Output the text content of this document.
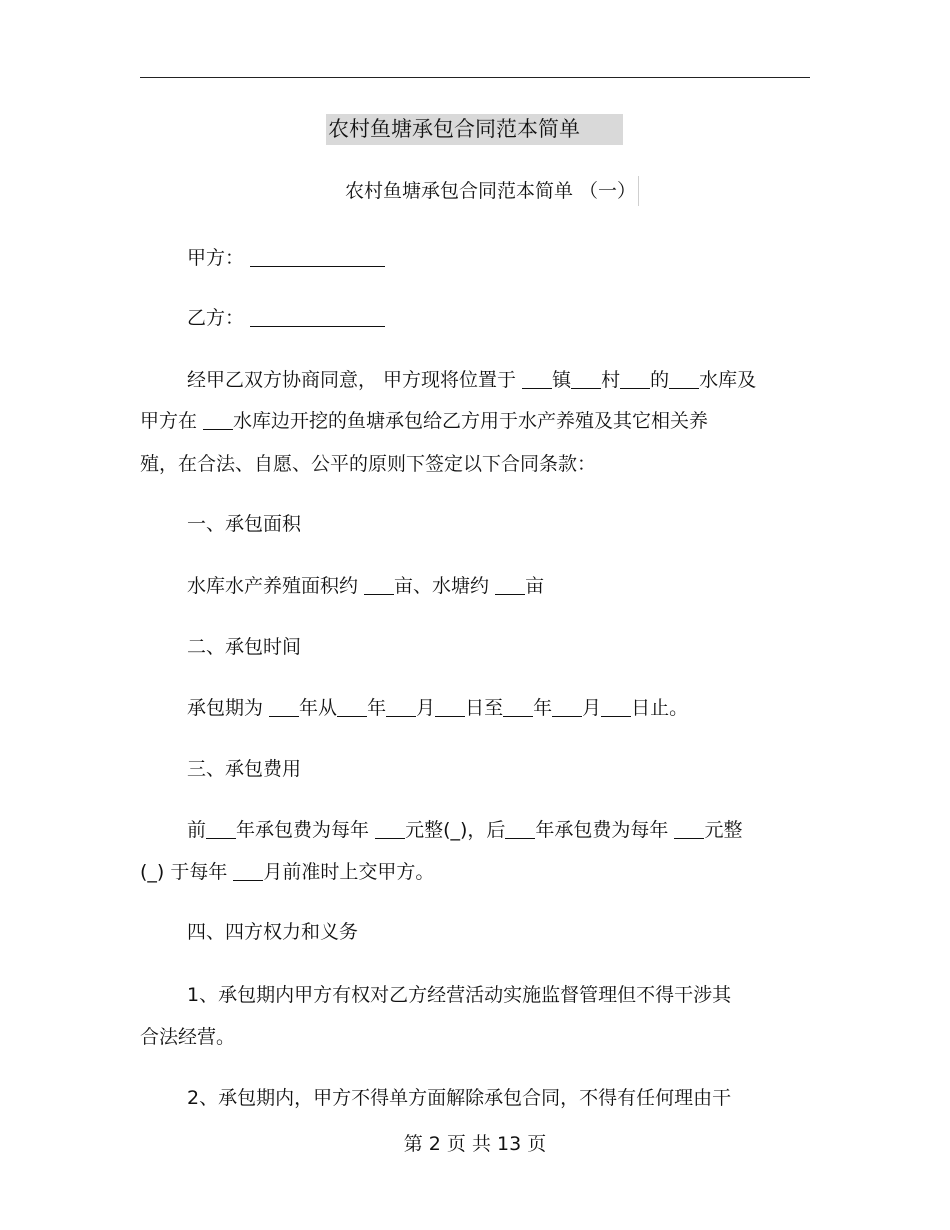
农村鱼塘承包合同范本简单
农村鱼塘承包合同范本简单 （一）
甲方：
乙方：
经甲乙双方协商同意， 甲方现将位置于 镇 村 的 水库及
甲方在 水库边开挖的鱼塘承包给乙方用于水产养殖及其它相关养
殖，在合法、自愿、公平的原则下签定以下合同条款：
一、承包面积
水库水产养殖面积约 亩、水塘约 亩
二、承包时间
承包期为 年从 年 月 日至 年 月 日止。
三、承包费用
前 年承包费为每年 元整(_)，后 年承包费为每年 元整
(_) 于每年 月前准时上交甲方。
四、四方权力和义务
1、承包期内甲方有权对乙方经营活动实施监督管理但不得干涉其
合法经营。
2、承包期内，甲方不得单方面解除承包合同，不得有任何理由干
第 2 页 共 13 页
